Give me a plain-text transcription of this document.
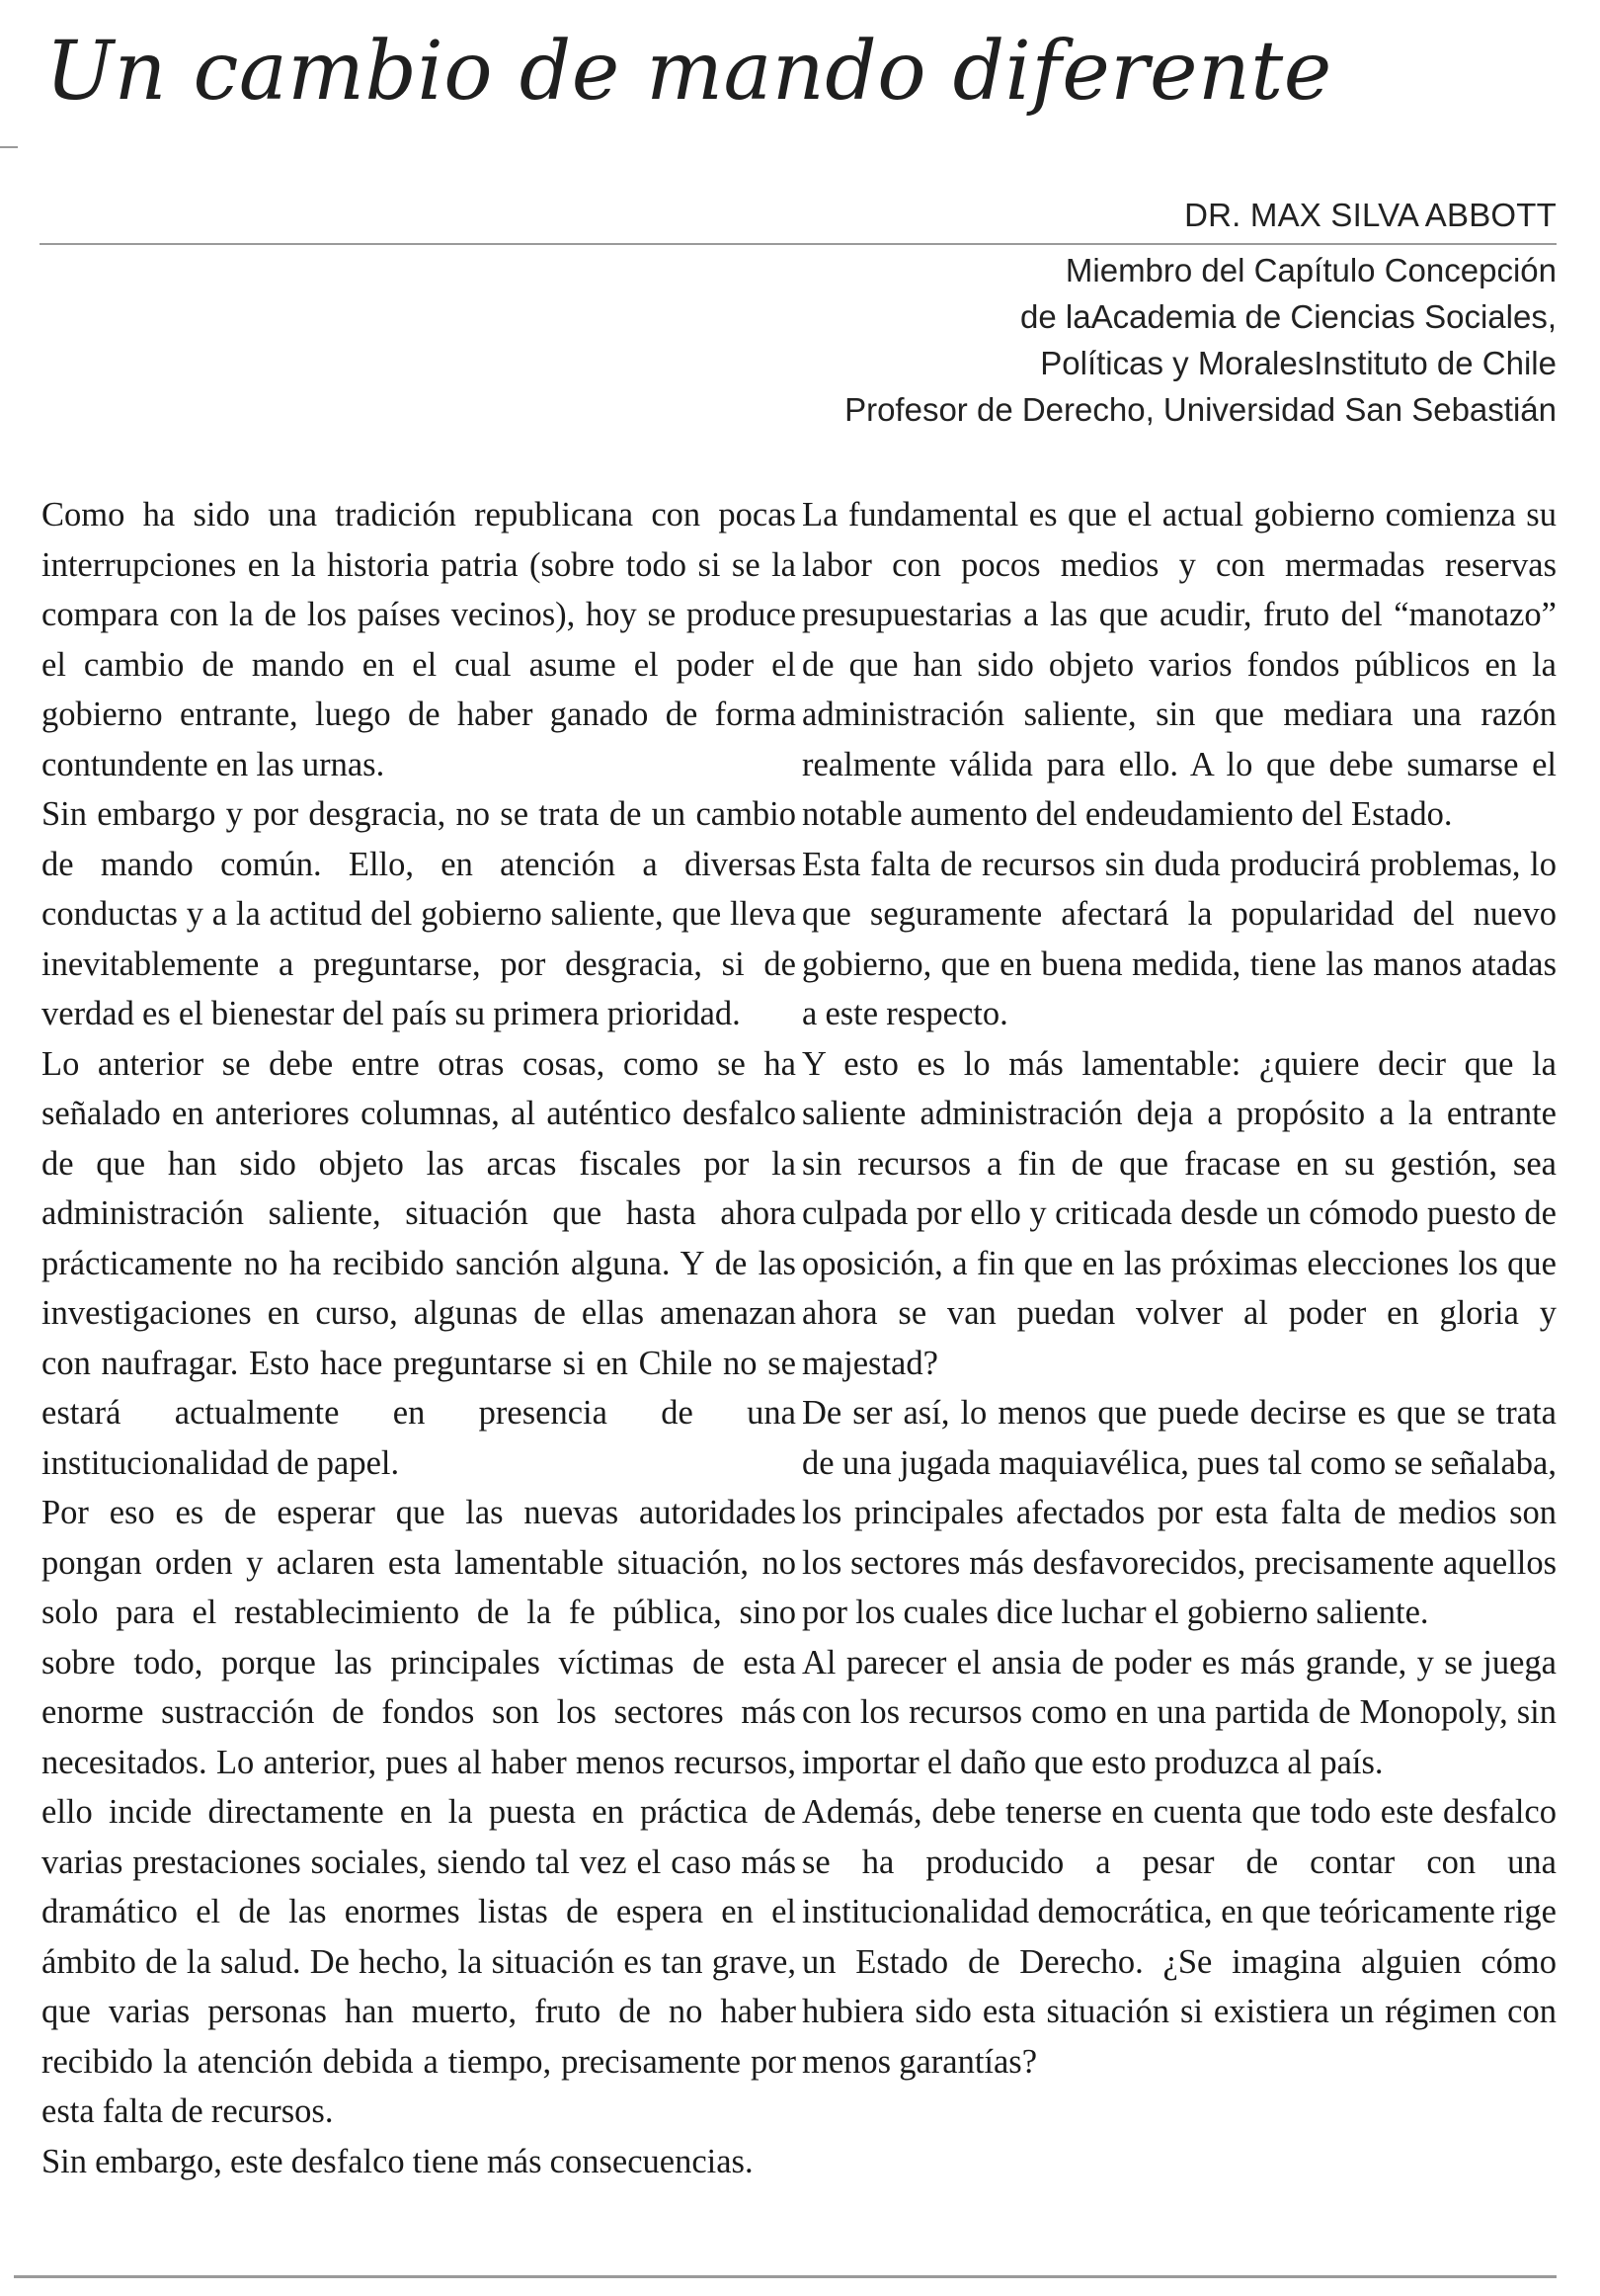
Un cambio de mando diferente
DR. MAX SILVA ABBOTT
Miembro del Capítulo Concepción
de laAcademia de Ciencias Sociales,
Políticas y MoralesInstituto de Chile
Profesor de Derecho, Universidad San Sebastián

Como ha sido una tradición republicana con pocas interrupciones en la historia patria (sobre todo si se la compara con la de los países vecinos), hoy se produce el cambio de mando en el cual asume el poder el gobierno entrante, luego de haber ganado de forma contundente en las urnas.

Sin embargo y por desgracia, no se trata de un cambio de mando común. Ello, en atención a diversas conductas y a la actitud del gobierno saliente, que lleva inevitablemente a preguntarse, por desgracia, si de verdad es el bienestar del país su primera prioridad.

Lo anterior se debe entre otras cosas, como se ha señalado en anteriores columnas, al auténtico desfalco de que han sido objeto las arcas fiscales por la administración saliente, situación que hasta ahora prácticamente no ha recibido sanción alguna. Y de las investigaciones en curso, algunas de ellas amenazan con naufragar. Esto hace preguntarse si en Chile no se estará actualmente en presencia de una institucionalidad de papel.

Por eso es de esperar que las nuevas autoridades pongan orden y aclaren esta lamentable situación, no solo para el restablecimiento de la fe pública, sino sobre todo, porque las principales víctimas de esta enorme sustracción de fondos son los sectores más necesitados. Lo anterior, pues al haber menos recursos, ello incide directamente en la puesta en práctica de varias prestaciones sociales, siendo tal vez el caso más dramático el de las enormes listas de espera en el ámbito de la salud. De hecho, la situación es tan grave, que varias personas han muerto, fruto de no haber recibido la atención debida a tiempo, precisamente por esta falta de recursos.

Sin embargo, este desfalco tiene más consecuencias.

La fundamental es que el actual gobierno comienza su labor con pocos medios y con mermadas reservas presupuestarias a las que acudir, fruto del “manotazo” de que han sido objeto varios fondos públicos en la administración saliente, sin que mediara una razón realmente válida para ello. A lo que debe sumarse el notable aumento del endeudamiento del Estado.

Esta falta de recursos sin duda producirá problemas, lo que seguramente afectará la popularidad del nuevo gobierno, que en buena medida, tiene las manos atadas a este respecto.

Y esto es lo más lamentable: ¿quiere decir que la saliente administración deja a propósito a la entrante sin recursos a fin de que fracase en su gestión, sea culpada por ello y criticada desde un cómodo puesto de oposición, a fin que en las próximas elecciones los que ahora se van puedan volver al poder en gloria y majestad?

De ser así, lo menos que puede decirse es que se trata de una jugada maquiavélica, pues tal como se señalaba, los principales afectados por esta falta de medios son los sectores más desfavorecidos, precisamente aquellos por los cuales dice luchar el gobierno saliente.

Al parecer el ansia de poder es más grande, y se juega con los recursos como en una partida de Monopoly, sin importar el daño que esto produzca al país.

Además, debe tenerse en cuenta que todo este desfalco se ha producido a pesar de contar con una institucionalidad democrática, en que teóricamente rige un Estado de Derecho. ¿Se imagina alguien cómo hubiera sido esta situación si existiera un régimen con menos garantías?
